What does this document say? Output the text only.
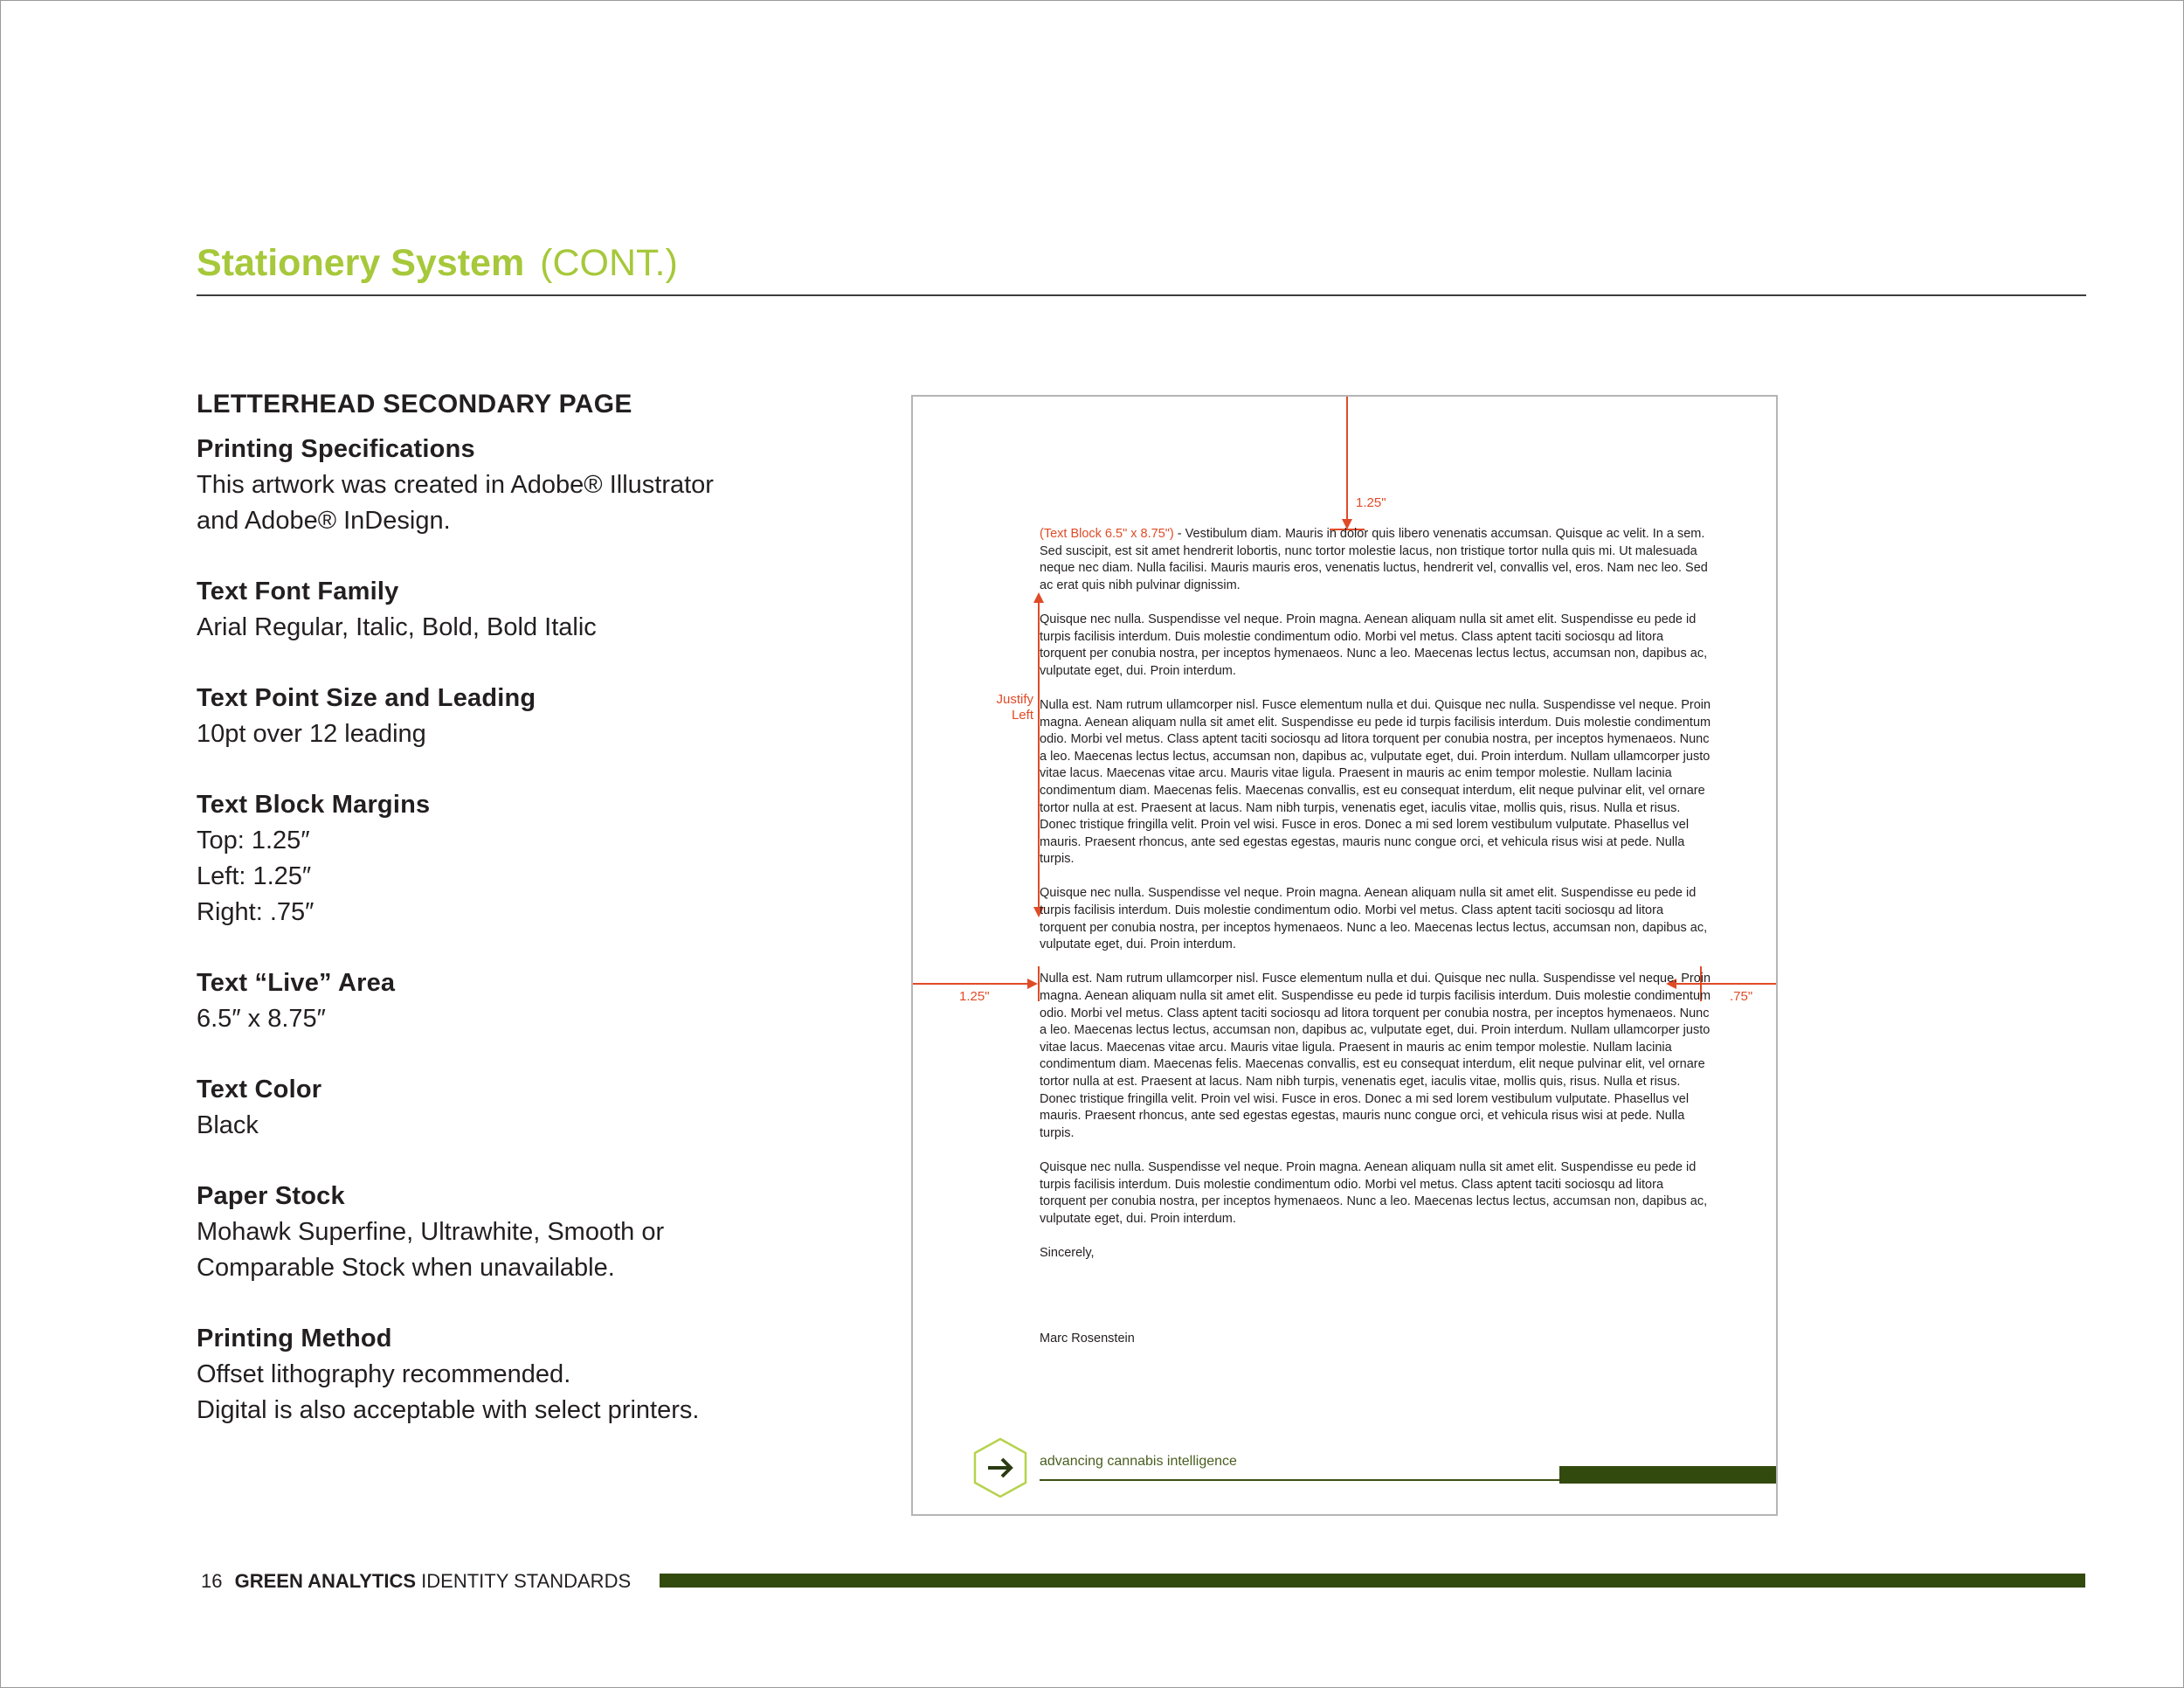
Stationery System (CONT.)
LETTERHEAD SECONDARY PAGE
Printing Specifications
This artwork was created in Adobe® Illustrator
and Adobe® InDesign.
Text Font Family
Arial Regular, Italic, Bold, Bold Italic
Text Point Size and Leading
10pt over 12 leading
Text Block Margins
Top: 1.25″
Left: 1.25″
Right: .75″
Text “Live” Area
6.5″ x 8.75″
Text Color
Black
Paper Stock
Mohawk Superfine, Ultrawhite, Smooth or
Comparable Stock when unavailable.
Printing Method
Offset lithography recommended.
Digital is also acceptable with select printers.
1.25"
Justify
Left
1.25"	.75"

(Text Block 6.5" x 8.75") - Vestibulum diam. Mauris in dolor quis libero venenatis accumsan. Quisque ac velit. In a sem. Sed suscipit, est sit amet hendrerit lobortis, nunc tortor molestie lacus, non tristique tortor nulla quis mi. Ut malesuada neque nec diam. Nulla facilisi. Mauris mauris eros, venenatis luctus, hendrerit vel, convallis vel, eros. Nam nec leo. Sed ac erat quis nibh pulvinar dignissim.

Quisque nec nulla. Suspendisse vel neque. Proin magna. Aenean aliquam nulla sit amet elit. Suspendisse eu pede id turpis facilisis interdum. Duis molestie condimentum odio. Morbi vel metus. Class aptent taciti sociosqu ad litora torquent per conubia nostra, per inceptos hymenaeos. Nunc a leo. Maecenas lectus lectus, accumsan non, dapibus ac, vulputate eget, dui. Proin interdum.

Nulla est. Nam rutrum ullamcorper nisl. Fusce elementum nulla et dui. Quisque nec nulla. Suspendisse vel neque. Proin magna. Aenean aliquam nulla sit amet elit. Suspendisse eu pede id turpis facilisis interdum. Duis molestie condimentum odio. Morbi vel metus. Class aptent taciti sociosqu ad litora torquent per conubia nostra, per inceptos hymenaeos. Nunc a leo. Maecenas lectus lectus, accumsan non, dapibus ac, vulputate eget, dui. Proin interdum. Nullam ullamcorper justo vitae lacus. Maecenas vitae arcu. Mauris vitae ligula. Praesent in mauris ac enim tempor molestie. Nullam lacinia condimentum diam. Maecenas felis. Maecenas convallis, est eu consequat interdum, elit neque pulvinar elit, vel ornare tortor nulla at est. Praesent at lacus. Nam nibh turpis, venenatis eget, iaculis vitae, mollis quis, risus. Nulla et risus. Donec tristique fringilla velit. Proin vel wisi. Fusce in eros. Donec a mi sed lorem vestibulum vulputate. Phasellus vel mauris. Praesent rhoncus, ante sed egestas egestas, mauris nunc congue orci, et vehicula risus wisi at pede. Nulla turpis.

Quisque nec nulla. Suspendisse vel neque. Proin magna. Aenean aliquam nulla sit amet elit. Suspendisse eu pede id turpis facilisis interdum. Duis molestie condimentum odio. Morbi vel metus. Class aptent taciti sociosqu ad litora torquent per conubia nostra, per inceptos hymenaeos. Nunc a leo. Maecenas lectus lectus, accumsan non, dapibus ac, vulputate eget, dui. Proin interdum.

Nulla est. Nam rutrum ullamcorper nisl. Fusce elementum nulla et dui. Quisque nec nulla. Suspendisse vel neque. Proin magna. Aenean aliquam nulla sit amet elit. Suspendisse eu pede id turpis facilisis interdum. Duis molestie condimentum odio. Morbi vel metus. Class aptent taciti sociosqu ad litora torquent per conubia nostra, per inceptos hymenaeos. Nunc a leo. Maecenas lectus lectus, accumsan non, dapibus ac, vulputate eget, dui. Proin interdum. Nullam ullamcorper justo vitae lacus. Maecenas vitae arcu. Mauris vitae ligula. Praesent in mauris ac enim tempor molestie. Nullam lacinia condimentum diam. Maecenas felis. Maecenas convallis, est eu consequat interdum, elit neque pulvinar elit, vel ornare tortor nulla at est. Praesent at lacus. Nam nibh turpis, venenatis eget, iaculis vitae, mollis quis, risus. Nulla et risus. Donec tristique fringilla velit. Proin vel wisi. Fusce in eros. Donec a mi sed lorem vestibulum vulputate. Phasellus vel mauris. Praesent rhoncus, ante sed egestas egestas, mauris nunc congue orci, et vehicula risus wisi at pede. Nulla turpis.

Quisque nec nulla. Suspendisse vel neque. Proin magna. Aenean aliquam nulla sit amet elit. Suspendisse eu pede id turpis facilisis interdum. Duis molestie condimentum odio. Morbi vel metus. Class aptent taciti sociosqu ad litora torquent per conubia nostra, per inceptos hymenaeos. Nunc a leo. Maecenas lectus lectus, accumsan non, dapibus ac, vulputate eget, dui. Proin interdum.

Sincerely,

Marc Rosenstein

advancing cannabis intelligence
16 GREEN ANALYTICS IDENTITY STANDARDS
